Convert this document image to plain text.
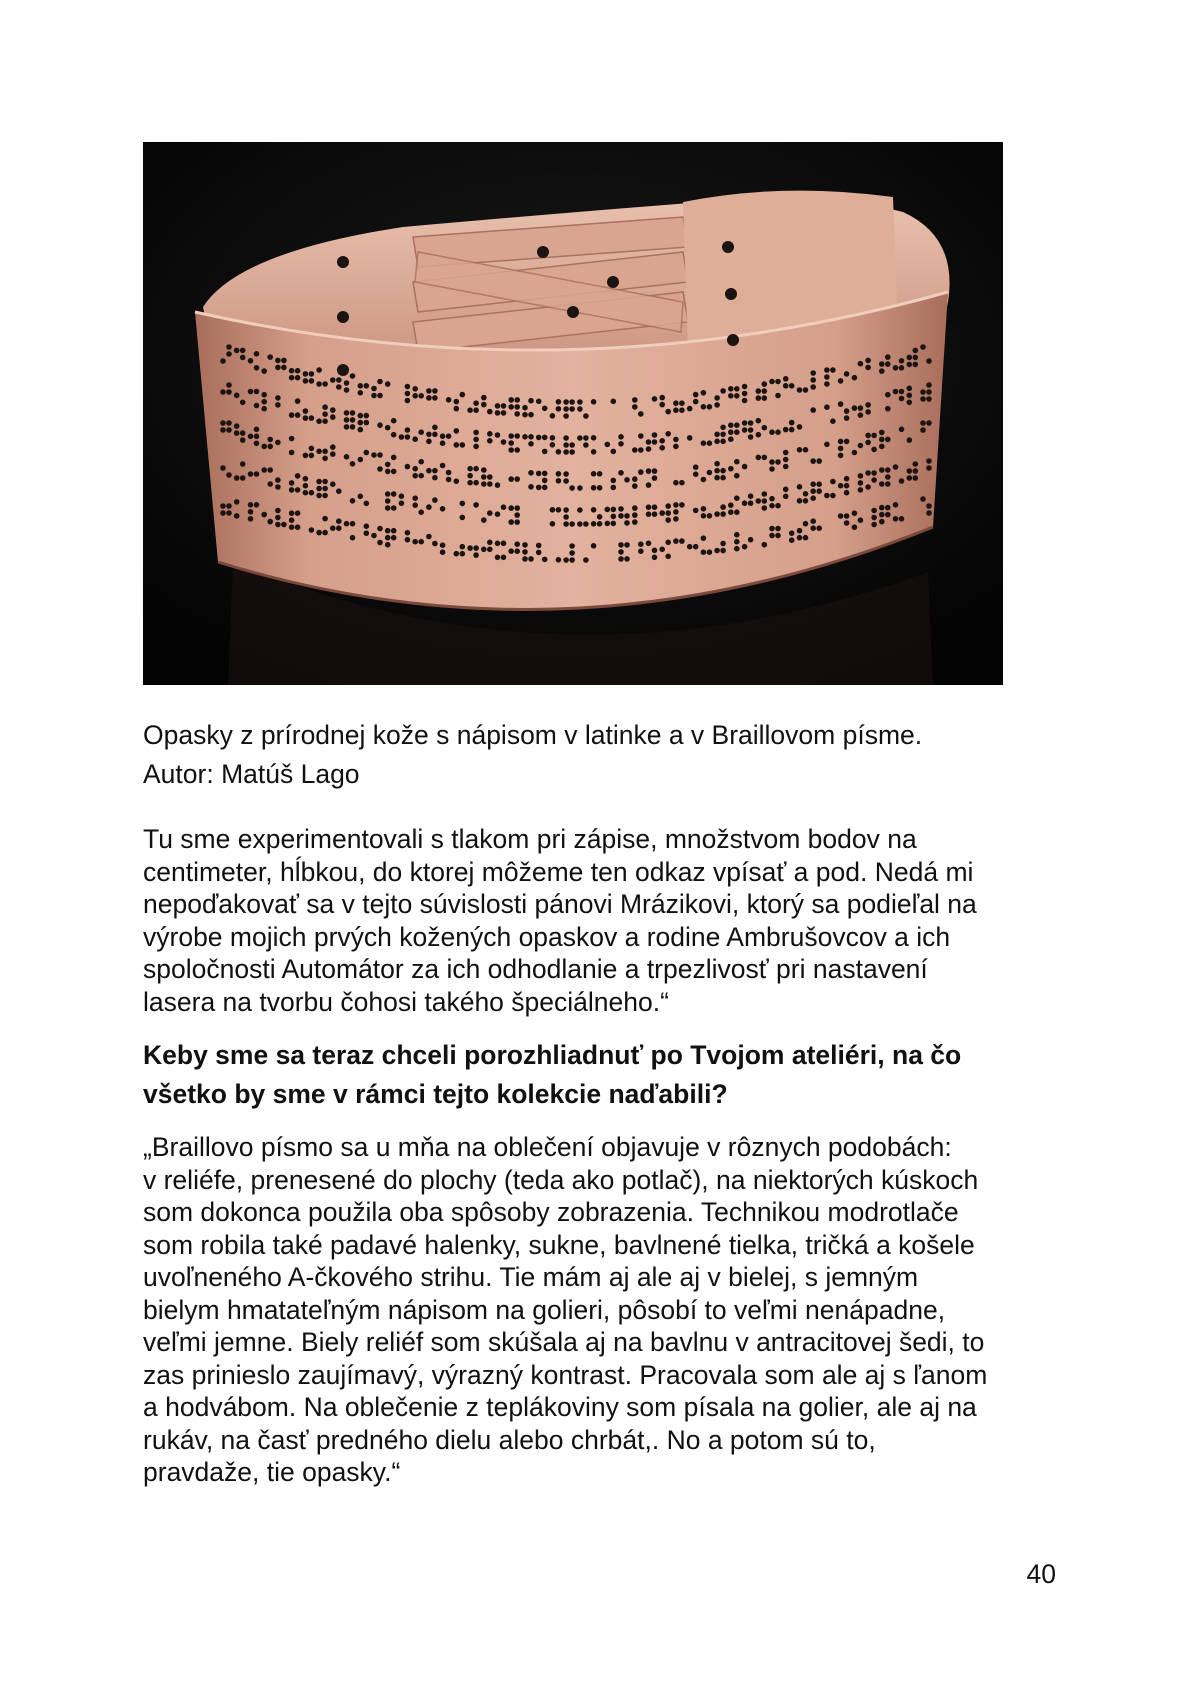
Opasky z prírodnej kože s nápisom v latinke a v Braillovom písme.
Autor: Matúš Lago

Tu sme experimentovali s tlakom pri zápise, množstvom bodov na
centimeter, hĺbkou, do ktorej môžeme ten odkaz vpísať a pod. Nedá mi
nepoďakovať sa v tejto súvislosti pánovi Mrázikovi, ktorý sa podieľal na
výrobe mojich prvých kožených opaskov a rodine Ambrušovcov a ich
spoločnosti Automátor za ich odhodlanie a trpezlivosť pri nastavení
lasera na tvorbu čohosi takého špeciálneho.“

Keby sme sa teraz chceli porozhliadnuť po Tvojom ateliéri, na čo
všetko by sme v rámci tejto kolekcie naďabili?

„Braillovo písmo sa u mňa na oblečení objavuje v rôznych podobách:
v reliéfe, prenesené do plochy (teda ako potlač), na niektorých kúskoch
som dokonca použila oba spôsoby zobrazenia. Technikou modrotlače
som robila také padavé halenky, sukne, bavlnené tielka, tričká a košele
uvoľneného A-čkového strihu. Tie mám aj ale aj v bielej, s jemným
bielym hmatateľným nápisom na golieri, pôsobí to veľmi nenápadne,
veľmi jemne. Biely reliéf som skúšala aj na bavlnu v antracitovej šedi, to
zas prinieslo zaujímavý, výrazný kontrast. Pracovala som ale aj s ľanom
a hodvábom. Na oblečenie z teplákoviny som písala na golier, ale aj na
rukáv, na časť predného dielu alebo chrbát,. No a potom sú to,
pravdaže, tie opasky.“

40
